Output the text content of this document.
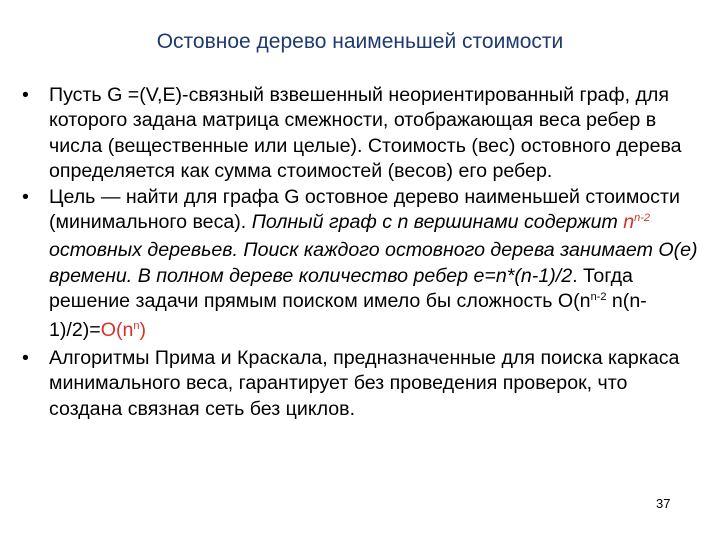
Остовное дерево наименьшей стоимости
• Пусть G =(V,E)-связный взвешенный неориентированный граф, для которого задана матрица смежности, отображающая веса ребер в числа (вещественные или целые). Стоимость (вес) остовного дерева определяется как сумма стоимостей (весов) его ребер.
• Цель — найти для графа G остовное дерево наименьшей стоимости (минимального веса). Полный граф с n вершинами содержит $n^{n-2}$ остовных деревьев. Поиск каждого остовного дерева занимает O(e) времени. В полном дереве количество ребер e=n*(n-1)/2. Тогда решение задачи прямым поиском имело бы сложность $O(n^{n-2}$ $n(n-1)/2)=O(n^n)$
• Алгоритмы Прима и Краскала, предназначенные для поиска каркаса минимального веса, гарантирует без проведения проверок, что создана связная сеть без циклов.
37
